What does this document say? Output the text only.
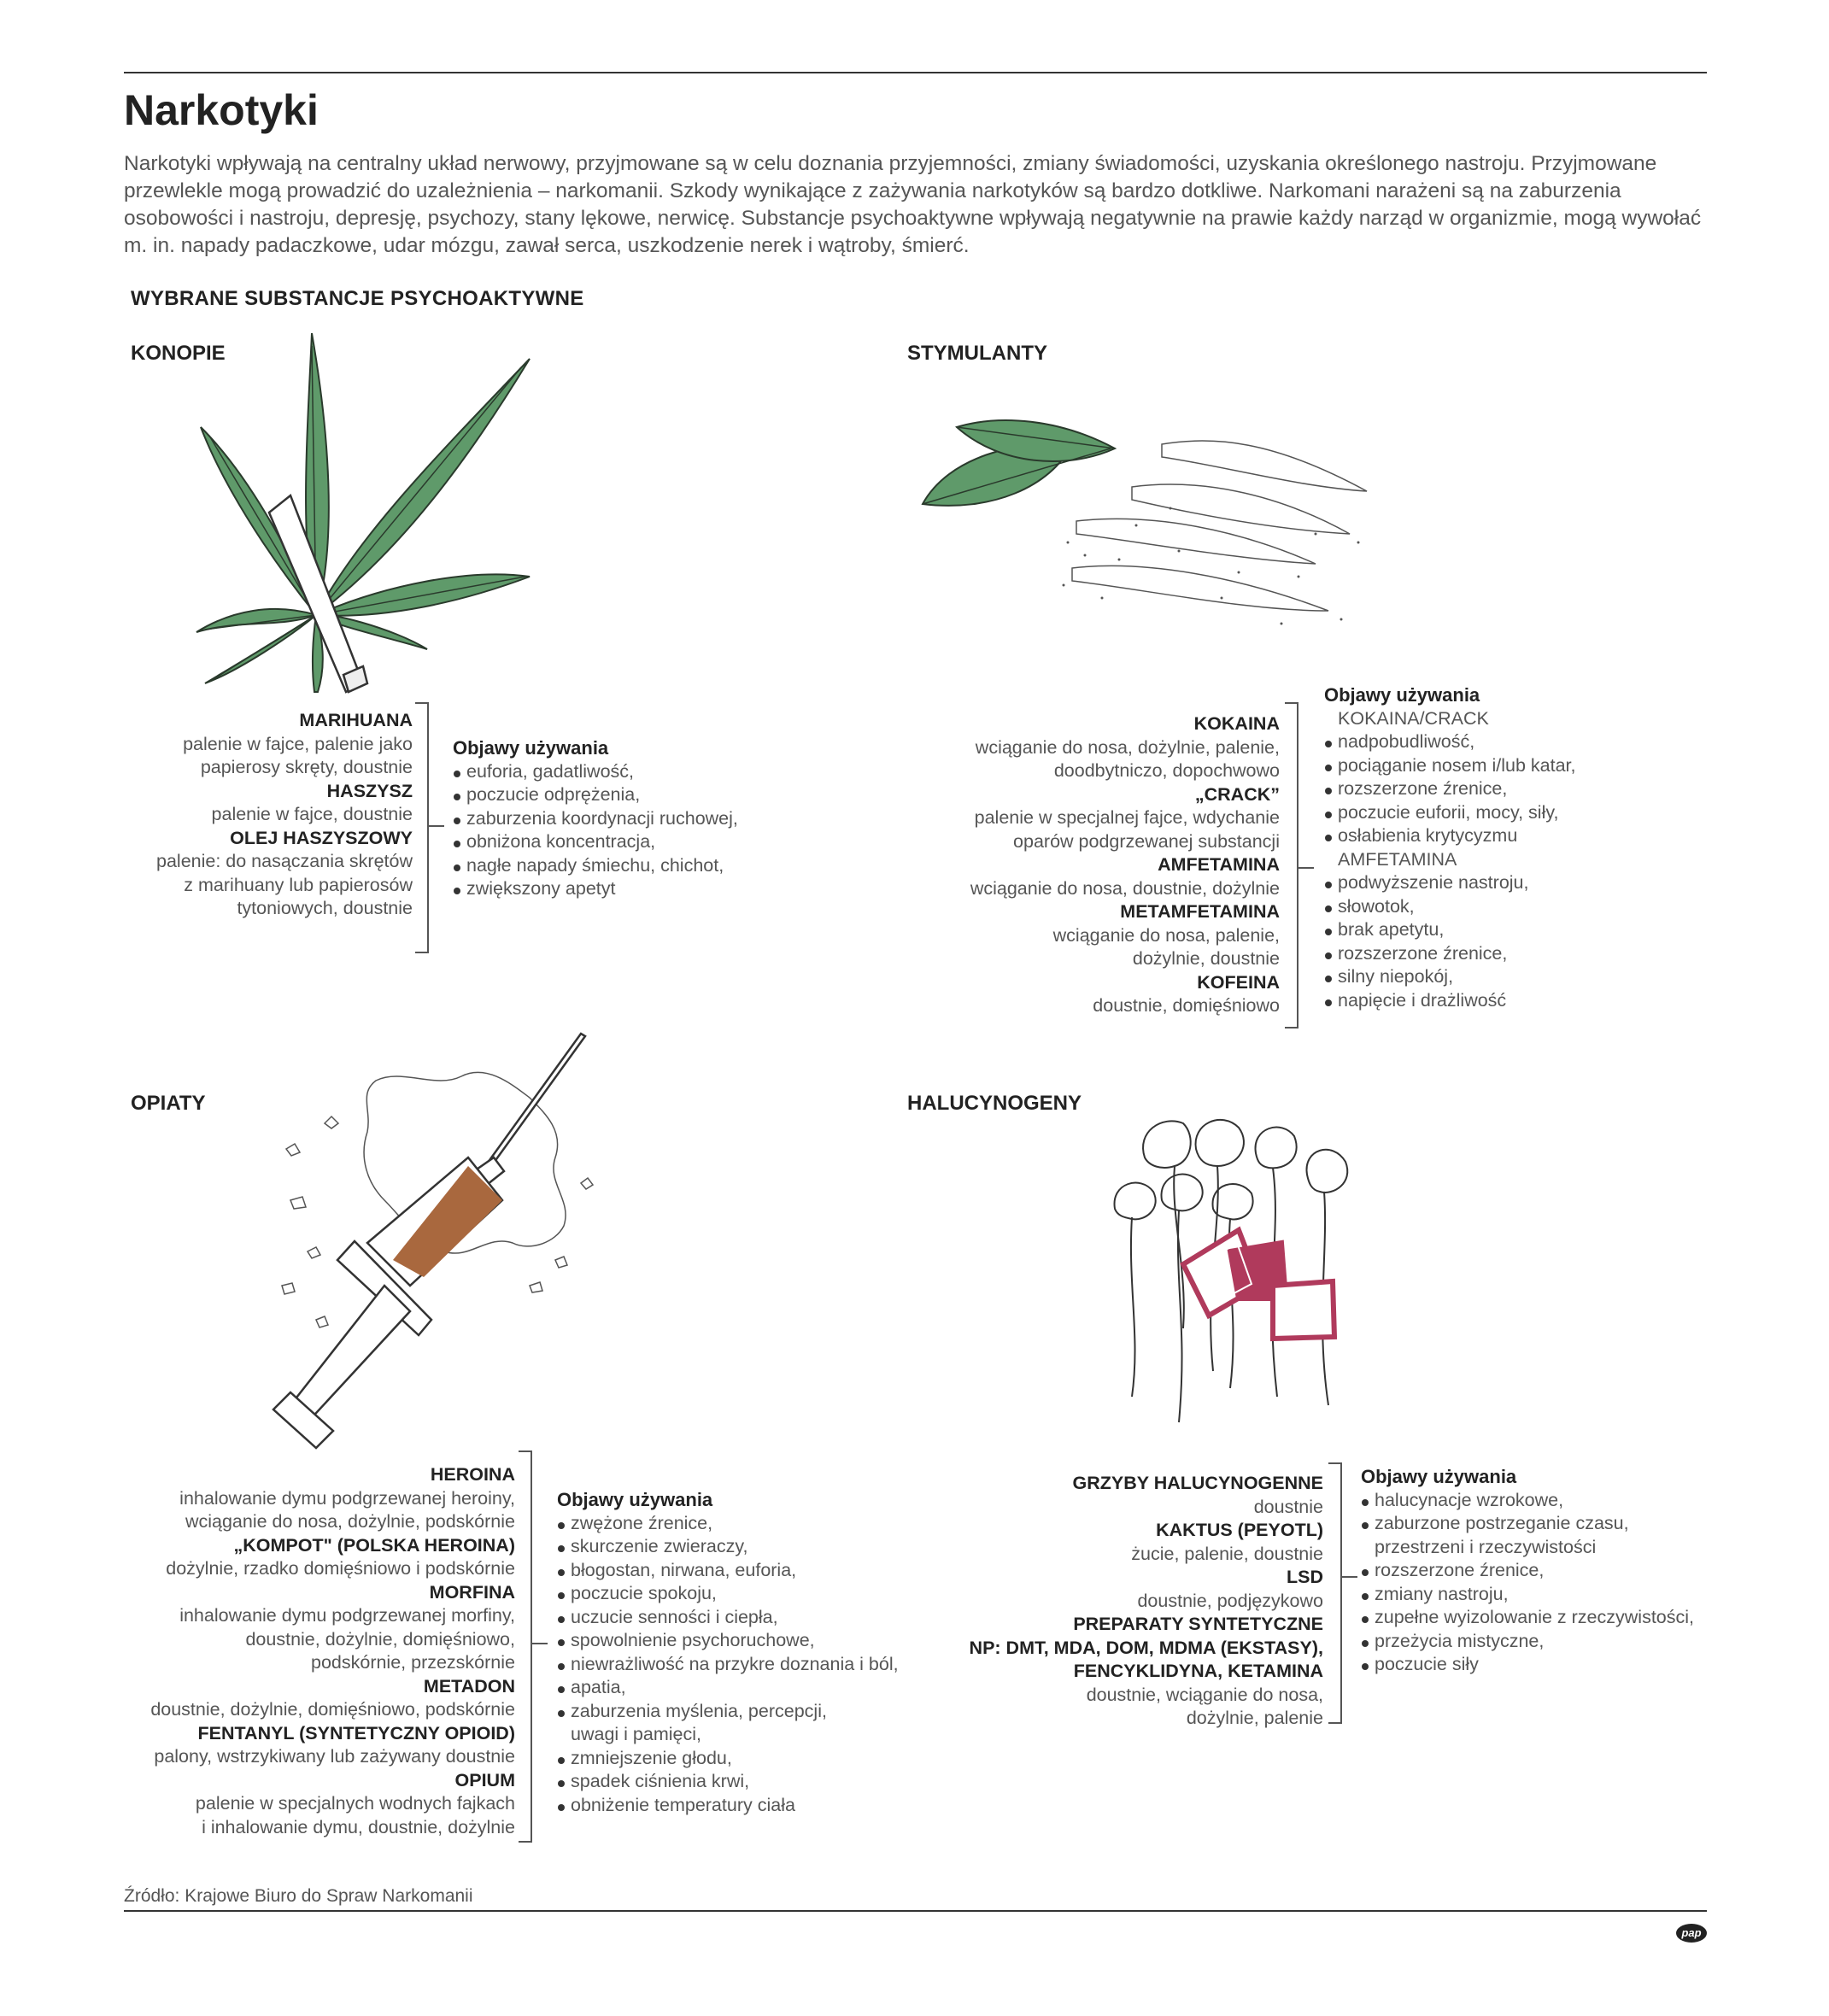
Narkotyki

Narkotyki wpływają na centralny układ nerwowy, przyjmowane są w celu doznania przyjemności, zmiany świadomości, uzyskania określonego nastroju. Przyjmowane przewlekle mogą prowadzić do uzależnienia – narkomanii. Szkody wynikające z zażywania narkotyków są bardzo dotkliwe. Narkomani narażeni są na zaburzenia osobowości i nastroju, depresję, psychozy, stany lękowe, nerwicę. Substancje psychoaktywne wpływają negatywnie na prawie każdy narząd w organizmie, mogą wywołać m. in. napady padaczkowe, udar mózgu, zawał serca, uszkodzenie nerek i wątroby, śmierć.

WYBRANE SUBSTANCJE PSYCHOAKTYWNE
KONOPIE
MARIHUANA
palenie w fajce, palenie jako
papierosy skręty, doustnie
HASZYSZ
palenie w fajce, doustnie
OLEJ HASZYSZOWY
palenie: do nasączania skrętów
z marihuany lub papierosów
tytoniowych, doustnie
Objawy używania
euforia, gadatliwość,
poczucie odprężenia,
zaburzenia koordynacji ruchowej,
obniżona koncentracja,
nagłe napady śmiechu, chichot,
zwiększony apetyt
STYMULANTY
KOKAINA
wciąganie do nosa, dożylnie, palenie,
doodbytniczo, dopochwowo
„CRACK”
palenie w specjalnej fajce, wdychanie
oparów podgrzewanej substancji
AMFETAMINA
wciąganie do nosa, doustnie, dożylnie
METAMFETAMINA
wciąganie do nosa, palenie,
dożylnie, doustnie
KOFEINA
doustnie, domięśniowo
Objawy używania
KOKAINA/CRACK
nadpobudliwość,
pociąganie nosem i/lub katar,
rozszerzone źrenice,
poczucie euforii, mocy, siły,
osłabienia krytycyzmu
AMFETAMINA
podwyższenie nastroju,
słowotok,
brak apetytu,
rozszerzone źrenice,
silny niepokój,
napięcie i drażliwość
OPIATY
HEROINA
inhalowanie dymu podgrzewanej heroiny,
wciąganie do nosa, dożylnie, podskórnie
„KOMPOT" (POLSKA HEROINA)
dożylnie, rzadko domięśniowo i podskórnie
MORFINA
inhalowanie dymu podgrzewanej morfiny,
doustnie, dożylnie, domięśniowo,
podskórnie, przezskórnie
METADON
doustnie, dożylnie, domięśniowo, podskórnie
FENTANYL (SYNTETYCZNY OPIOID)
palony, wstrzykiwany lub zażywany doustnie
OPIUM
palenie w specjalnych wodnych fajkach
i inhalowanie dymu, doustnie, dożylnie
Objawy używania
zwężone źrenice,
skurczenie zwieraczy,
błogostan, nirwana, euforia,
poczucie spokoju,
uczucie senności i ciepła,
spowolnienie psychoruchowe,
niewrażliwość na przykre doznania i ból,
apatia,
zaburzenia myślenia, percepcji,
uwagi i pamięci,
zmniejszenie głodu,
spadek ciśnienia krwi,
obniżenie temperatury ciała
HALUCYNOGENY
GRZYBY HALUCYNOGENNE
doustnie
KAKTUS (PEYOTL)
żucie, palenie, doustnie
LSD
doustnie, podjęzykowo
PREPARATY SYNTETYCZNE
NP: DMT, MDA, DOM, MDMA (EKSTASY),
FENCYKLIDYNA, KETAMINA
doustnie, wciąganie do nosa,
dożylnie, palenie
Objawy używania
halucynacje wzrokowe,
zaburzone postrzeganie czasu,
przestrzeni i rzeczywistości
rozszerzone źrenice,
zmiany nastroju,
zupełne wyizolowanie z rzeczywistości,
przeżycia mistyczne,
poczucie siły
Źródło: Krajowe Biuro do Spraw Narkomanii
pap
